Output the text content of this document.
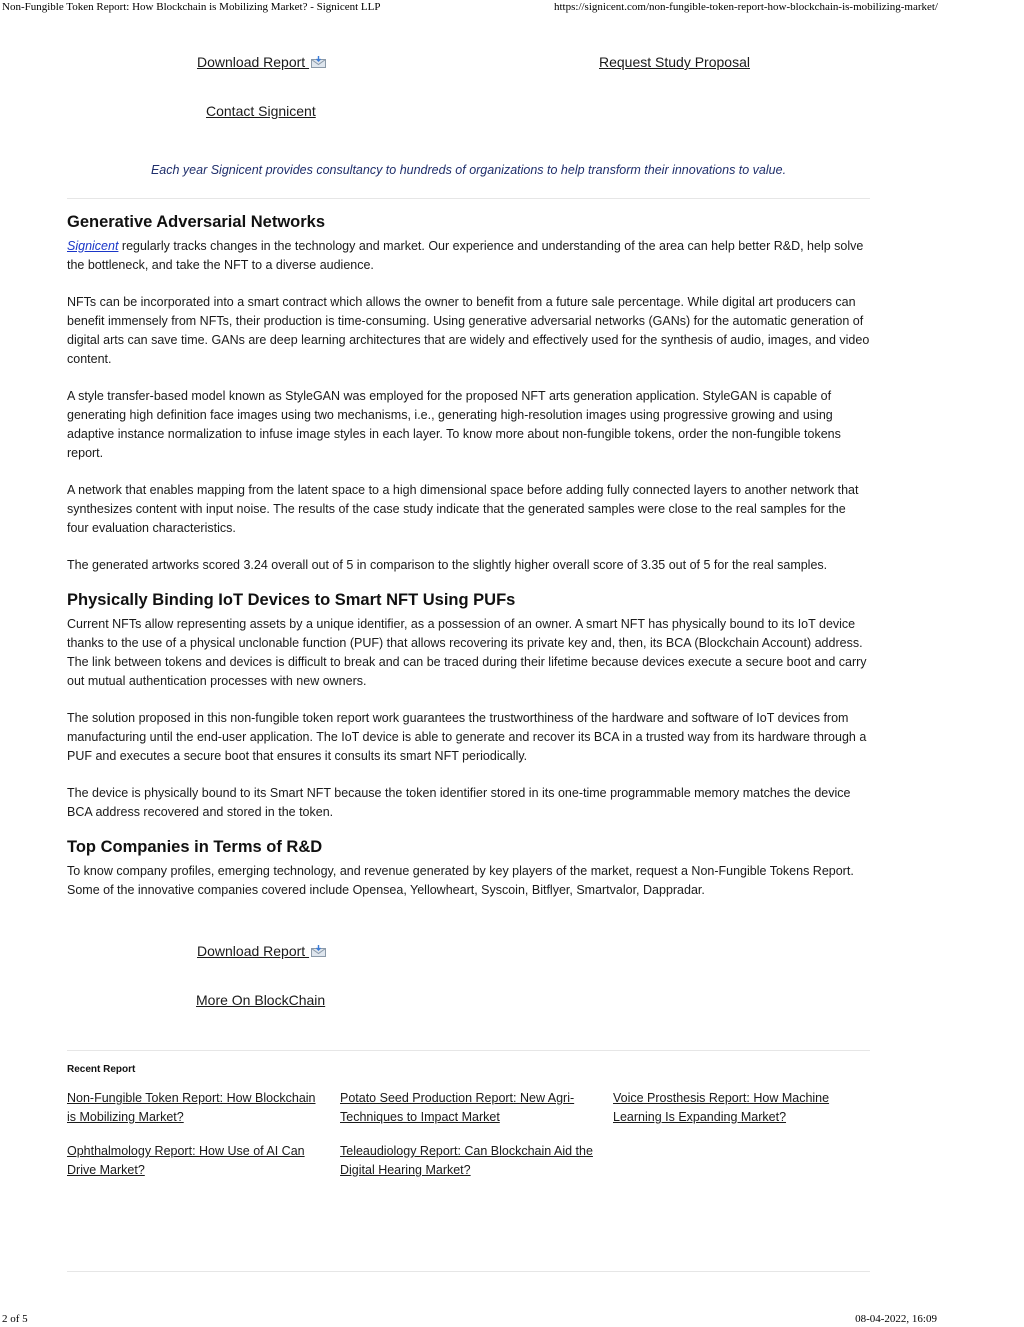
Non-Fungible Token Report: How Blockchain is Mobilizing Market? - Signicent LLP	https://signicent.com/non-fungible-token-report-how-blockchain-is-mobilizing-market/
Download Report	Request Study Proposal
Contact Signicent
Each year Signicent provides consultancy to hundreds of organizations to help transform their innovations to value.
Generative Adversarial Networks

Signicent regularly tracks changes in the technology and market. Our experience and understanding of the area can help better R&D, help solve the bottleneck, and take the NFT to a diverse audience.

NFTs can be incorporated into a smart contract which allows the owner to benefit from a future sale percentage. While digital art producers can benefit immensely from NFTs, their production is time-consuming. Using generative adversarial networks (GANs) for the automatic generation of digital arts can save time. GANs are deep learning architectures that are widely and effectively used for the synthesis of audio, images, and video content.

A style transfer-based model known as StyleGAN was employed for the proposed NFT arts generation application. StyleGAN is capable of generating high definition face images using two mechanisms, i.e., generating high-resolution images using progressive growing and using adaptive instance normalization to infuse image styles in each layer. To know more about non-fungible tokens, order the non-fungible tokens report.

A network that enables mapping from the latent space to a high dimensional space before adding fully connected layers to another network that synthesizes content with input noise. The results of the case study indicate that the generated samples were close to the real samples for the four evaluation characteristics.

The generated artworks scored 3.24 overall out of 5 in comparison to the slightly higher overall score of 3.35 out of 5 for the real samples.

Physically Binding IoT Devices to Smart NFT Using PUFs

Current NFTs allow representing assets by a unique identifier, as a possession of an owner. A smart NFT has physically bound to its IoT device thanks to the use of a physical unclonable function (PUF) that allows recovering its private key and, then, its BCA (Blockchain Account) address. The link between tokens and devices is difficult to break and can be traced during their lifetime because devices execute a secure boot and carry out mutual authentication processes with new owners.

The solution proposed in this non-fungible token report work guarantees the trustworthiness of the hardware and software of IoT devices from manufacturing until the end-user application. The IoT device is able to generate and recover its BCA in a trusted way from its hardware through a PUF and executes a secure boot that ensures it consults its smart NFT periodically.

The device is physically bound to its Smart NFT because the token identifier stored in its one-time programmable memory matches the device BCA address recovered and stored in the token.

Top Companies in Terms of R&D

To know company profiles, emerging technology, and revenue generated by key players of the market, request a Non-Fungible Tokens Report. Some of the innovative companies covered include Opensea, Yellowheart, Syscoin, Bitflyer, Smartvalor, Dappradar.

Download Report
More On BlockChain
Recent Report
Non-Fungible Token Report: How Blockchain is Mobilizing Market?
Potato Seed Production Report: New Agri-Techniques to Impact Market
Voice Prosthesis Report: How Machine Learning Is Expanding Market?
Ophthalmology Report: How Use of AI Can Drive Market?
Teleaudiology Report: Can Blockchain Aid the Digital Hearing Market?
2 of 5	08-04-2022, 16:09
